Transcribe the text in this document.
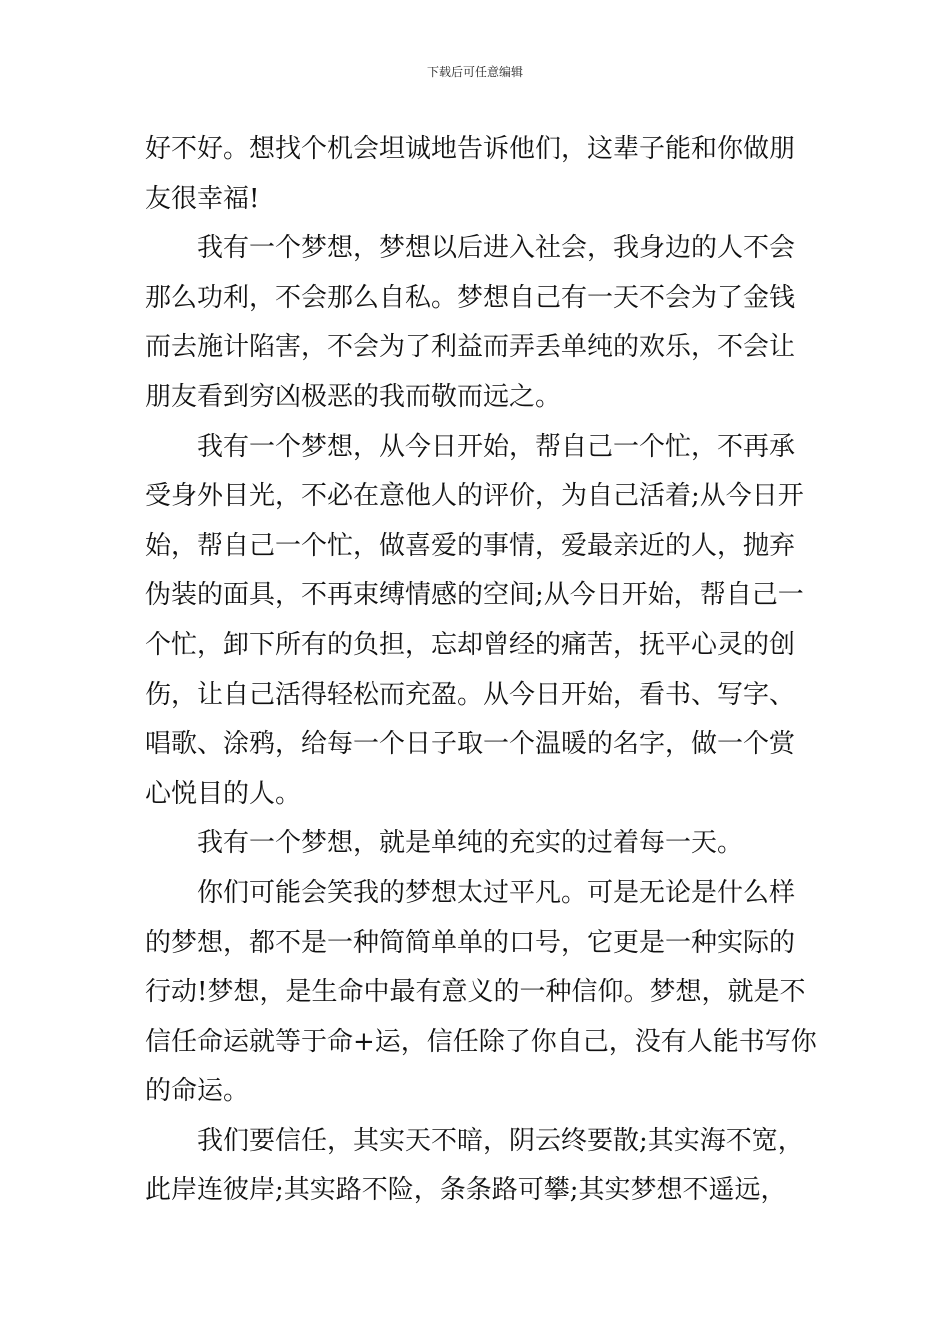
下载后可任意编辑
好不好。想找个机会坦诚地告诉他们，这辈子能和你做朋
友很幸福!
我有一个梦想，梦想以后进入社会，我身边的人不会
那么功利，不会那么自私。梦想自己有一天不会为了金钱
而去施计陷害，不会为了利益而弄丢单纯的欢乐，不会让
朋友看到穷凶极恶的我而敬而远之。
我有一个梦想，从今日开始，帮自己一个忙，不再承
受身外目光，不必在意他人的评价，为自己活着;从今日开
始，帮自己一个忙，做喜爱的事情，爱最亲近的人，抛弃
伪装的面具，不再束缚情感的空间;从今日开始，帮自己一
个忙，卸下所有的负担，忘却曾经的痛苦，抚平心灵的创
伤，让自己活得轻松而充盈。从今日开始，看书、写字、
唱歌、涂鸦，给每一个日子取一个温暖的名字，做一个赏
心悦目的人。
我有一个梦想，就是单纯的充实的过着每一天。
你们可能会笑我的梦想太过平凡。可是无论是什么样
的梦想，都不是一种简简单单的口号，它更是一种实际的
行动!梦想，是生命中最有意义的一种信仰。梦想，就是不
信任命运就等于命+运，信任除了你自己，没有人能书写你
的命运。
我们要信任，其实天不暗，阴云终要散;其实海不宽，
此岸连彼岸;其实路不险，条条路可攀;其实梦想不遥远，
